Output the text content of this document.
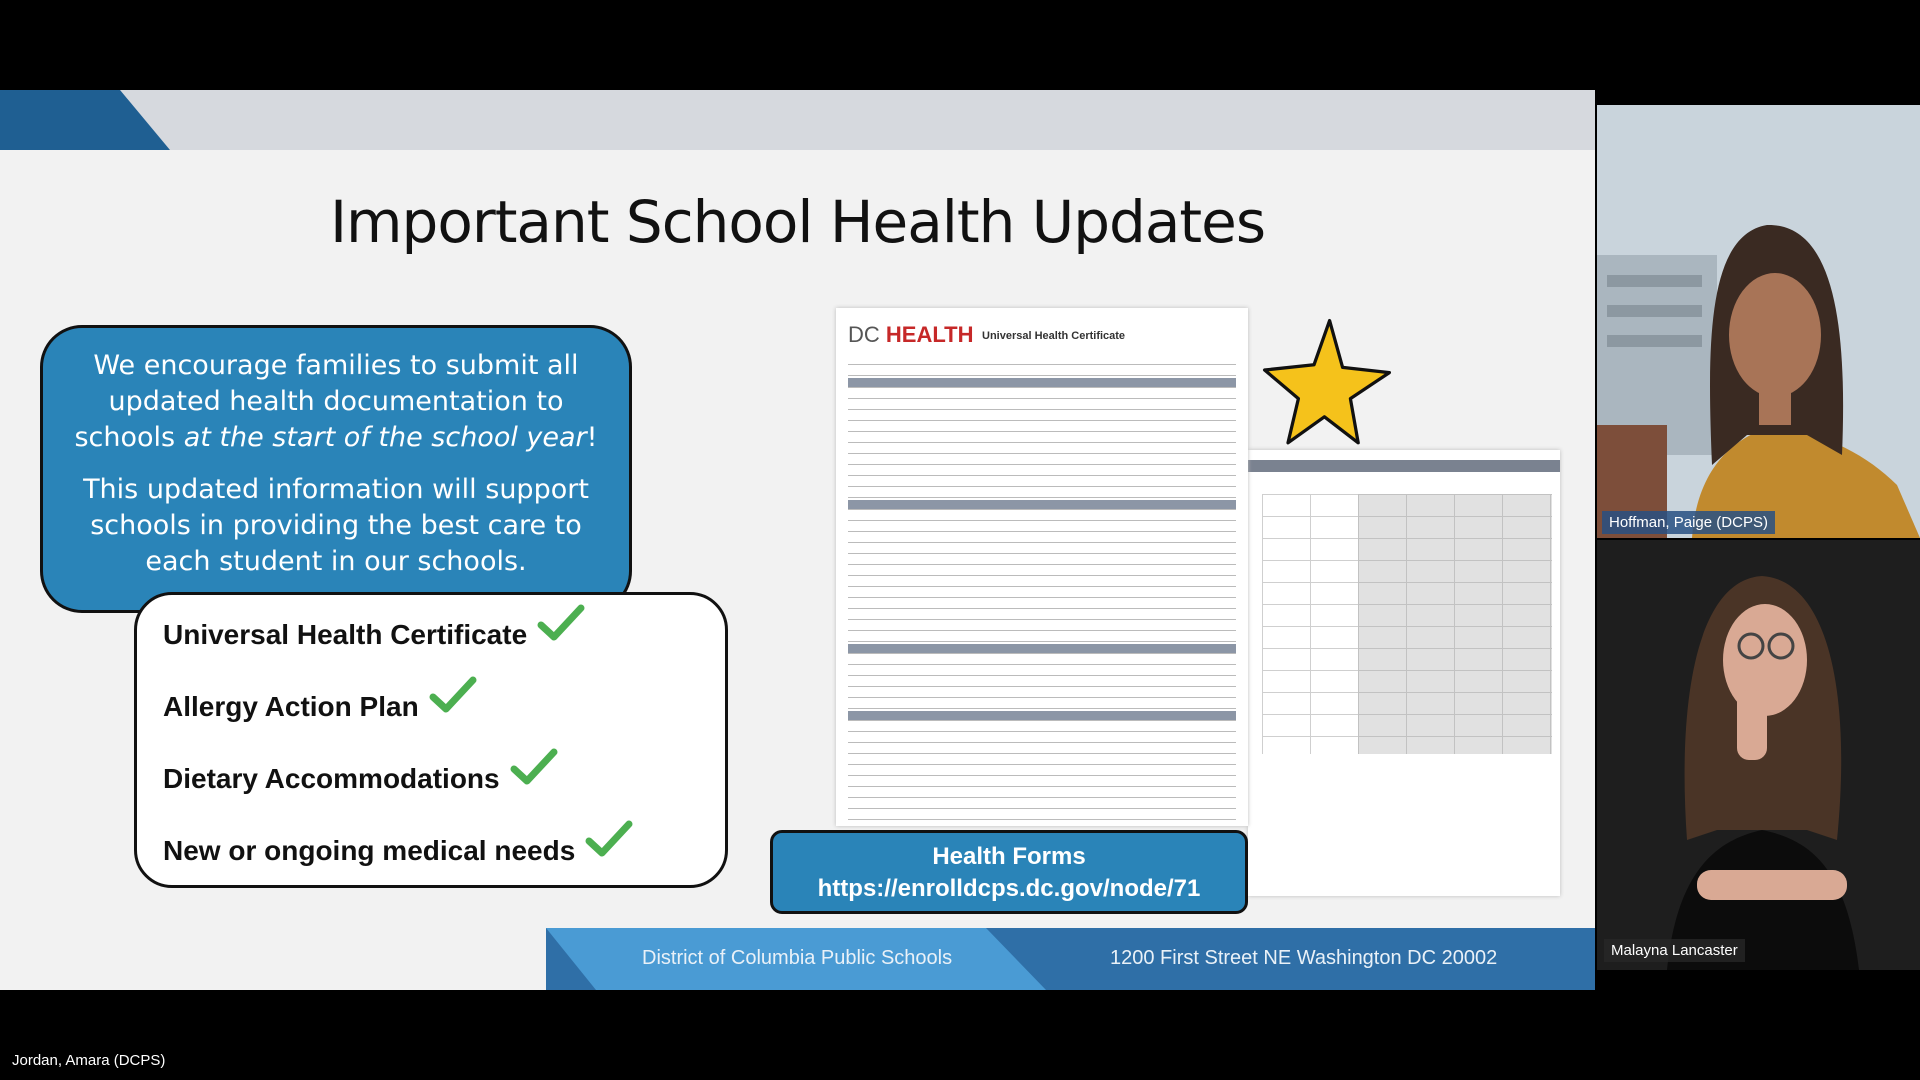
Important School Health Updates

We encourage families to submit all updated health documentation to schools at the start of the school year!

This updated information will support schools in providing the best care to each student in our schools.

Universal Health Certificate
Allergy Action Plan
Dietary Accommodations
New or ongoing medical needs
DC HEALTH Universal Health Certificate
Health Forms
https://enrolldcps.dc.gov/node/71
District of Columbia Public Schools	1200 First Street NE Washington DC 20002
Hoffman, Paige (DCPS)
Malayna Lancaster
Jordan, Amara (DCPS)
